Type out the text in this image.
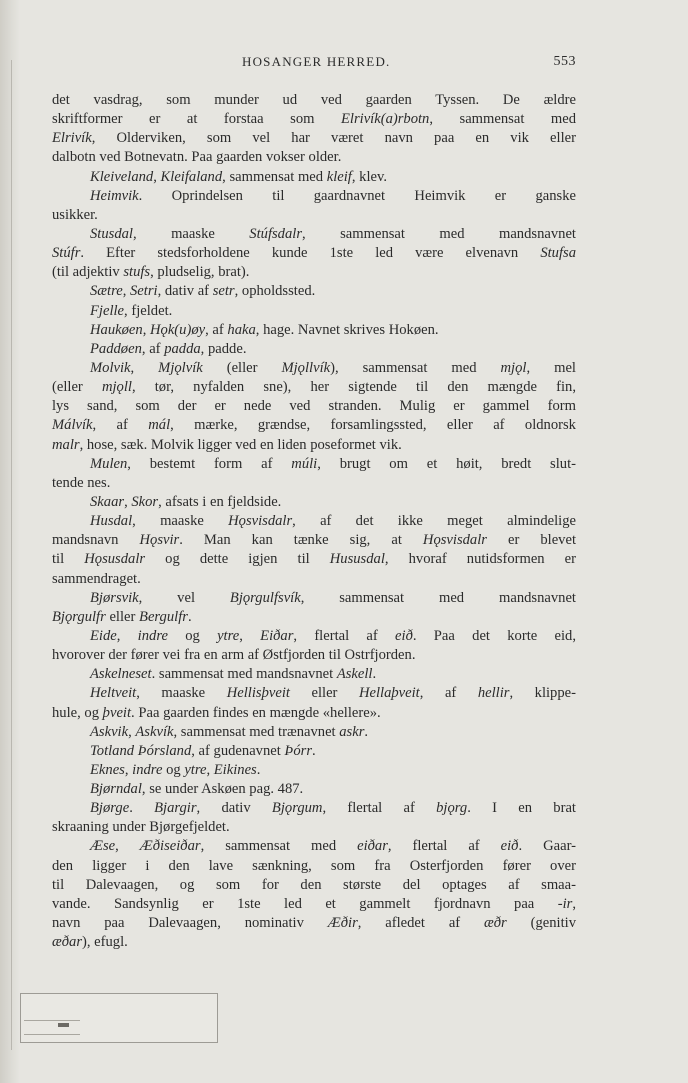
HOSANGER HERRED.	553
det vasdrag, som munder ud ved gaarden Tyssen. De ældre
skriftformer er at forstaa som Elrivík(a)rbotn, sammensat med
Elrivík, Olderviken, som vel har været navn paa en vik eller
dalbotn ved Botnevatn. Paa gaarden vokser older.
Kleiveland, Kleifaland, sammensat med kleif, klev.
Heimvik. Oprindelsen til gaardnavnet Heimvik er ganske
usikker.
Stusdal, maaske Stúfsdalr, sammensat med mandsnavnet
Stúfr. Efter stedsforholdene kunde 1ste led være elvenavn Stufsa
(til adjektiv stufs, pludselig, brat).
Sætre, Setri, dativ af setr, opholdssted.
Fjelle, fjeldet.
Haukøen, Hǫk(u)øy, af haka, hage. Navnet skrives Hokøen.
Paddøen, af padda, padde.
Molvik, Mjǫlvík (eller Mjǫllvík), sammensat med mjǫl, mel
(eller mjǫll, tør, nyfalden sne), her sigtende til den mængde fin,
lys sand, som der er nede ved stranden. Mulig er gammel form
Málvík, af mál, mærke, grændse, forsamlingssted, eller af oldnorsk
malr, hose, sæk. Molvik ligger ved en liden poseformet vik.
Mulen, bestemt form af múli, brugt om et høit, bredt slut-
tende nes.
Skaar, Skor, afsats i en fjeldside.
Husdal, maaske Hǫsvisdalr, af det ikke meget almindelige
mandsnavn Hǫsvir. Man kan tænke sig, at Hǫsvisdalr er blevet
til Hǫsusdalr og dette igjen til Hususdal, hvoraf nutidsformen er
sammendraget.
Bjørsvik, vel Bjǫrgulfsvík, sammensat med mandsnavnet
Bjǫrgulfr eller Bergulfr.
Eide, indre og ytre, Eiðar, flertal af eið. Paa det korte eid,
hvorover der fører vei fra en arm af Østfjorden til Ostrfjorden.
Askelneset. sammensat med mandsnavnet Askell.
Heltveit, maaske Hellisþveit eller Hellaþveit, af hellir, klippe-
hule, og þveit. Paa gaarden findes en mængde «hellere».
Askvik, Askvík, sammensat med trænavnet askr.
Totland Þórsland, af gudenavnet Þórr.
Eknes, indre og ytre, Eikines.
Bjørndal, se under Askøen pag. 487.
Bjørge. Bjargir, dativ Bjǫrgum, flertal af bjǫrg. I en brat
skraaning under Bjørgefjeldet.
Æse, Æðiseiðar, sammensat med eiðar, flertal af eið. Gaar-
den ligger i den lave sænkning, som fra Osterfjorden fører over
til Dalevaagen, og som for den største del optages af smaa-
vande. Sandsynlig er 1ste led et gammelt fjordnavn paa -ir,
navn paa Dalevaagen, nominativ Æðir, afledet af æðr (genitiv
æðar), efugl.
